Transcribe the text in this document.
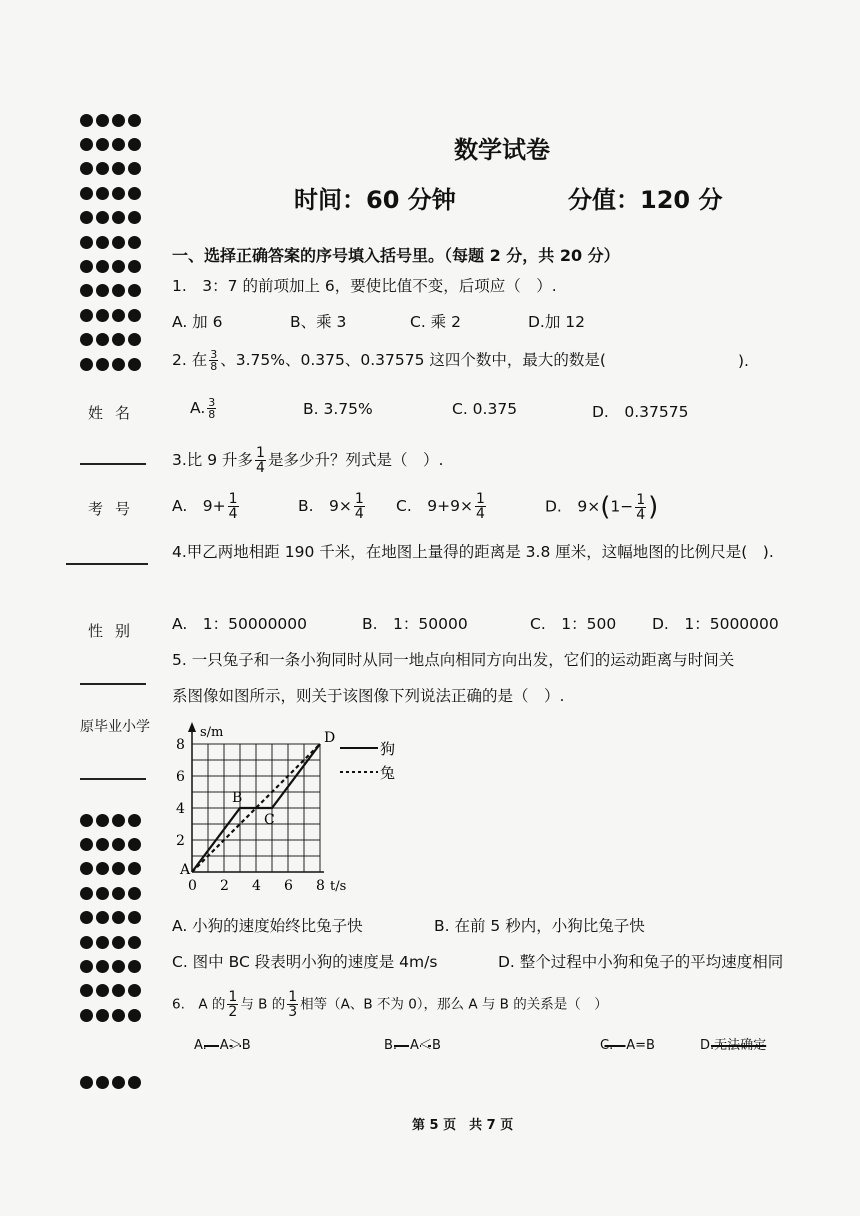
姓名
考号
性别
原毕业小学
数学试卷
时间：60 分钟	分值：120 分
一、选择正确答案的序号填入括号里。（每题 2 分，共 20 分）
1.　3：7 的前项加上 6，要使比值不变，后项应（　）.
A. 加 6	B、乘 3	C. 乘 2	D.加 12
2. 在 $\frac{3}{8}$ 、3.75%、0.375、0.37575 这四个数中，最大的数是(	).
A. $\frac{3}{8}$	B. 3.75%	C. 0.375	D.　0.37575
3.比 9 升多 $\frac{1}{4}$ 是多少升？列式是（　）.
A.　$9+ \frac{1}{4}$	B.　$9\times \frac{1}{4} C$.　$9+9\times \frac{1}{4}$	D.　$9\times(1- \frac{1}{4}$ )
4.甲乙两地相距 190 千米，在地图上量得的距离是 3.8 厘米，这幅地图的比例尺是(　).
A.　1：50000000	B.　1：50000	C.　1：500 D.　1：5000000
5. 一只兔子和一条小狗同时从同一地点向相同方向出发，它们的运动距离与时间关
系图像如图所示，则关于该图像下列说法正确的是（　）.
0 2 4 6 8
2
4
6
8
s/m
t/s
狗
兔
A
B
C
D
A. 小狗的速度始终比兔子快	B. 在前 5 秒内，小狗比兔子快
C. 图中 BC 段表明小狗的速度是 4m/s	D. 整个过程中小狗和兔子的平均速度相同
6.　A 的 $\frac{1}{2}$ 与 B 的 $\frac{1}{3}$ 相等（A、B 不为 0），那么 A 与 B 的关系是（　）
A.　A＞B	B.　A＜B	C.　A=B	D.无法确定
第 5 页　共 7 页
